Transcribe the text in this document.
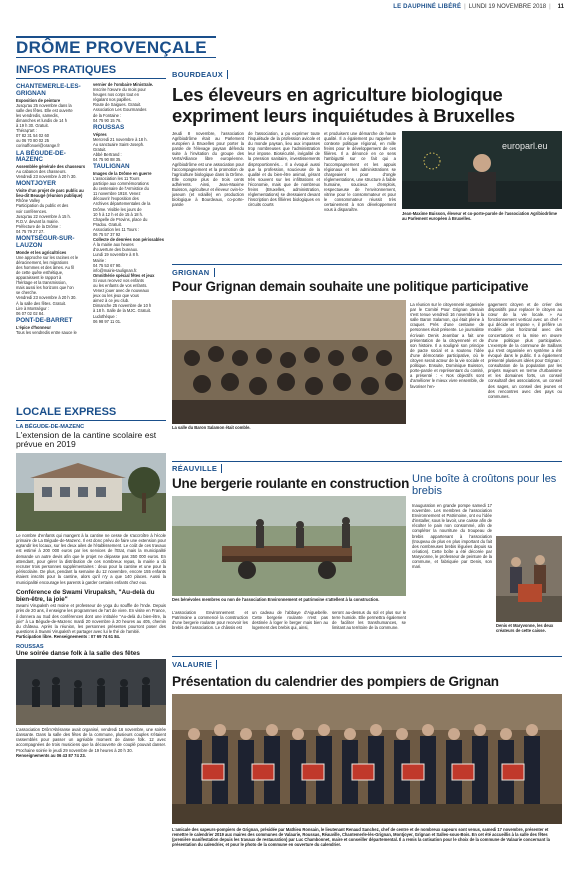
LE DAUPHINÉ LIBÉRÉ | LUNDI 19 NOVEMBRE 2018 | 11
DRÔME PROVENÇALE
INFOS PRATIQUES
CHANTEMERLE-LES-GRIGNAN
Exposition de peinture
Jusqu'au 25 novembre dans la
salle des fêtes. Elle est ouverte
les vendredis, samedis,
dimanches et lundis de 14 h
à 19 h 30. Gratuit.
Thérap'art :
07 82 31 54 02 60
ou 06 70 80 02 25
corinaffonoel@orange.fr
LA BÉGUDE-DE-MAZENC
Assemblée générale des chasseurs
Au cabanon des chasseurs.
Vendredi 23 novembre à 20 h 30.
MONTJOYER
Visite d'un projet de parc public au lieu-dit Beaugé (réunion publique)
Rhône Valley
Participation du public et des
voir conférences.
Jusqu'au 22 novembre à 15 h.
R.D.V. devant la mairie.
Préfecture de la Drôme :
04 75 79 27 27.
MONTSÉGUR-SUR-LAUZON
Monde et les agricultrices
Une approche sur les racines et le
déracinement, les migrations
des hommes et des âmes. Au fil
de cette quête esthétique,
apparaissent le rapport à
l'héritage et la transmission,
mais aussi les horizons que l'on
se cherche.
Vendredi 23 novembre à 20 h 30.
À la salle des fêtes. Gratuit.
Lire à Montségur :
06 07 02 02 84.
PONT-DE-BARRET
L'épice d'honneur
Tous les vendredis entre sauce le
vernier de l'ombaire Ministrale.
Inscrire l'œuvre du mois pour
heuges nos corps tout en
régalant nos papilles.
Route de Saigues. Gratuit.
Association Les Gourmandes
de la Fontaine :
04 75 90 15 76.
ROUSSAS
Vépres
Mercredi 21 novembre à 18 h.
Au sanctuaire Saint-Joseph.
Gratuit.
Abbé Bertrand :
04 75 90 88 35.
TAULIGNAN
Images de la Drôme en guerre
L'association les 11 Tours
participe aux commémorations
du centenaire de l'Armistice du
11 novembre 1918. Venez
découvrir l'exposition des
Archives départementales de la
Drôme. Visible les jours de
10 h à 12 h et de 15 à 18 h.
Chapelle de Provins, place du
Pradou. Gratuit.
Association les 11 Tours :
06 75 57 37 92
Collecte de denrées non périssables
À la mairie aux heures
d'ouverture des bureaux.
Lundi 19 novembre à 8 h.
Mairie :
04 75 53 67 90.
info@mairie-taulignan.fr.
Omnithérie spécial fêtes et jeux
Si vous recevez vos enfants
ou les enfants de vos enfants.
Venez jouer avec de nouveaux
jeux ou les jeux que vous
aimez à ce jeu club.
Dimanche 25 novembre de 10 h
à 18 h. Salle de la MJC. Gratuit.
Ludothèque :
06 98 97 11 01.
LOCALE EXPRESS
LA BÉGUDE-DE-MAZENC
L'extension de la cantine scolaire est prévue en 2019
Le nombre d'enfants qui mangent à la cantine ne cesse de s'accroître à l'école primaire de La Bégude-de-Mazenc. Il est donc prévu de faire une extension pour agrandir les locaux, sur les deux ailes de l'établissement. Le coût de ces travaux est estimé à 200 000 euros par les services de l'Etat, mais la municipalité demande un autre devis afin que le projet ne dépasse pas 350 000 euros. En attendant, pour gérer la distribution de ces nombreux repas, la mairie a dû recruter trois personnes supplémentaires : deux pour la cantine et une pour la périscolaire. De plus, pendant la semaine du 12 novembre, encore 155 enfants étaient inscrits pour la cantine, alors qu'il n'y a que 140 places. Aussi la municipalité encourage les parents à garder certains enfants chez eux.
Conférence de Swami Virupaksh, "Au-delà du bien-être, la joie"
Swami Virupaksh est moine et professeur de yoga du souffle de l'Inde. Depuis près de 20 ans, il enseigne les programmes de l'art de vivre. En visite en France, il donnera au Sud des conférences dont une intitulée "Au-delà du bien-être, la joie" à La Bégude-de-Mazenc mardi 20 novembre à 20 heures au 405, chemin du château. Après la réunion, les personnes présentes pourront poser des questions à Swami Virupaksh et partager avec lui le thé de l'amitié.
Participation libre. Renseignements : 07 69 74 61 84.
ROUSSAS
Une soirée danse folk à la salle des fêtes
L'association Drôm'Altéranse avait organisé, vendredi 16 novembre, une soirée dansante. Dans la salle des fêtes de la commune, plusieurs couples s'étaient rassemblés pour passer un agréable moment de danse folk. 12 avec accompagnées de trois musiciens que la découverte de couplé pouvait danser. Prochaine soirée le jeudi 29 novembre de 19 heures à 20 h 30.
Renseignements au 06 43 87 74 23.
BOURDEAUX
Les éleveurs en agriculture biologique expriment leurs inquiétudes à Bruxelles
Jeudi 8 novembre, l'association Agribiodrôme était au Parlement européen à Bruxelles pour porter la parole de l'élevage paysan défendu suite à l'invitation du groupe des Verts/Alliance libre européenne. Agribiodrôme est une association pour l'accompagnement et la promotion de l'agriculture biologique dans la Drôme. Elle compte plus de trois cents adhérents. Ainsi, Jean-Maxime Buisson, agriculteur et éleveur ovin-lo-juseum (et volaille) en production biologique à Bourdeaux, co-porte-parole
de l'association, a pu exprimer toute l'inquiétude de la profession avicole et du monde paysan, lieu aux impasses trop nombreuses que l'administration leur impose. Biosécurité, inégalité de la pression sanitaire, investissements disproportionnés… Il a évoqué aussi que la profession, soucieuse de la qualité et du bien-être animal, gérant très souvent sur les infiltrations et l'économie, mais que de nombreux freins (Bruxelles, administration, réglementations) se dressaient devant l'inscription des fillières biologiques en circuits courts
et produisent une démarche de haute qualité. Il a également pu rappeler le contexte politique régional, en mille freins pour le développement de ces filières. Il a dénoncé en ce sens l'ambiguïté sur ce fait qui a l'accompagnement et les appuis régionaux et les administrations se chargeaient pour d'ongle réglementations, une structure à faible humaine, soucieux d'emplois, respectueuse de l'environnement, vitrine pour le consommateur et pour le consommateur réussit très certainement à son développement vous à disparaître.
europarl.eu
Jean-Maxime Buisson, éleveur et co-porte-parole de l'association Agribiodrôme au Parlement européen à Bruxelles.
GRIGNAN
Pour Grignan demain souhaite une politique participative
La salle du Baron Salamon était comble.
La réunion sur le citoyenneté organisée par le Comité Pour Grignan demain s'est tenue vendredi 16 novembre à la salle Baron Salamon, qui était pleine à craquer. Près d'une centaine de personnes était présente. Le journaliste écrivain Denis Jeambar a fait une présentation de la citoyenneté et de son histoire. Il a souligné son principe de pacte social et a soutenu l'idée d'une démocratie participative, où le citoyen serait acteur de la vie sociale et politique. Ensuite, Dominique Buisson, porte-parole et représentant du comité, a présenté : « Nos objectifs sont d'améliorer le mieux vivre ensemble, de favoriser l'en-
gagement citoyen et de créer des dispositifs pour replacer le citoyen au cœur de la vie locale. » Au fonctionnement vertical avec un chef « qui décide et impose », il préfère un modèle plus horizontal avec des concertations et la mise en œuvre d'une politique plus participative. L'exemple de la commune de Saillans qui s'est organisée en système a été évoqué dans le public. Il a également présenté plusieurs idées pour Grignan : consultation de la population par les projets majeurs en terme d'urbanisme et les domaines forts, un conseil consultatif des associations, un conseil des sages, un conseil des jeunes et des rencontres avec des pays ou communes.
RÉAUVILLE
Une bergerie roulante en construction
Des bénévoles membres ou non de l'association Environnement et patrimoine s'attellent à la construction.
L'association Environnement et Patrimoine a commencé la construction d'une bergerie roulante pour recevoir les brebis de l'association. Le châssis est
un cadeau de l'abbaye d'Aiguebelle. Cette bergerie roulante n'est pas destinée à loger le berger mais bien au logement des brebis qui, ainsi,
seront au-dessus du sol et plus sur le terre humide. Elle permettra également de faciliter les transhumances, se limitant au territoire de la commune.
Une boîte à croûtons pour les brebis
Inauguration en grande pompe samedi 17 novembre. Les membres de l'association Environnement et Patrimoine, ont eu l'idée d'installer, sous le lavoir, une caisse afin de récolter le pain non consommé, afin de compléter la nourriture du troupeau de brebis appartenant à l'association (troupeau de plus en plus important du fait des nombreuses brebis léguées depuis sa création). Cette boîte a été décorée par Maryvonne, le professeur de peinture de la commune, et fabriquée par Denis, son mari.
Denis et Maryvonne, les deux créateurs de cette caisse.
VALAURIE
Présentation du calendrier des pompiers de Grignan
L'amicale des sapeurs-pompiers de Grignan, présidée par Mathieu Ronsain, le lieutenant Renaud Sanchez, chef de centre et de nombreux sapeurs sont venus, samedi 17 novembre, présenter et remettre le calendrier 2019 aux maires des communes de Valaurie, Roussas, Réauville, Chantemerle-lès-Grignan, Montjoyer, Grignan et Salles-sous-Bois. En cet été accueillis à la salle des fêtes (première manifestation depuis les travaux de restauration) par Luc Chambonnet, maire et conseiller départemental. Il a remis la cotisation pour le choix de la commune de Valaurie concernant la présentation du calendrier, et pour le photo de la commune en ouverture du calendrier.
